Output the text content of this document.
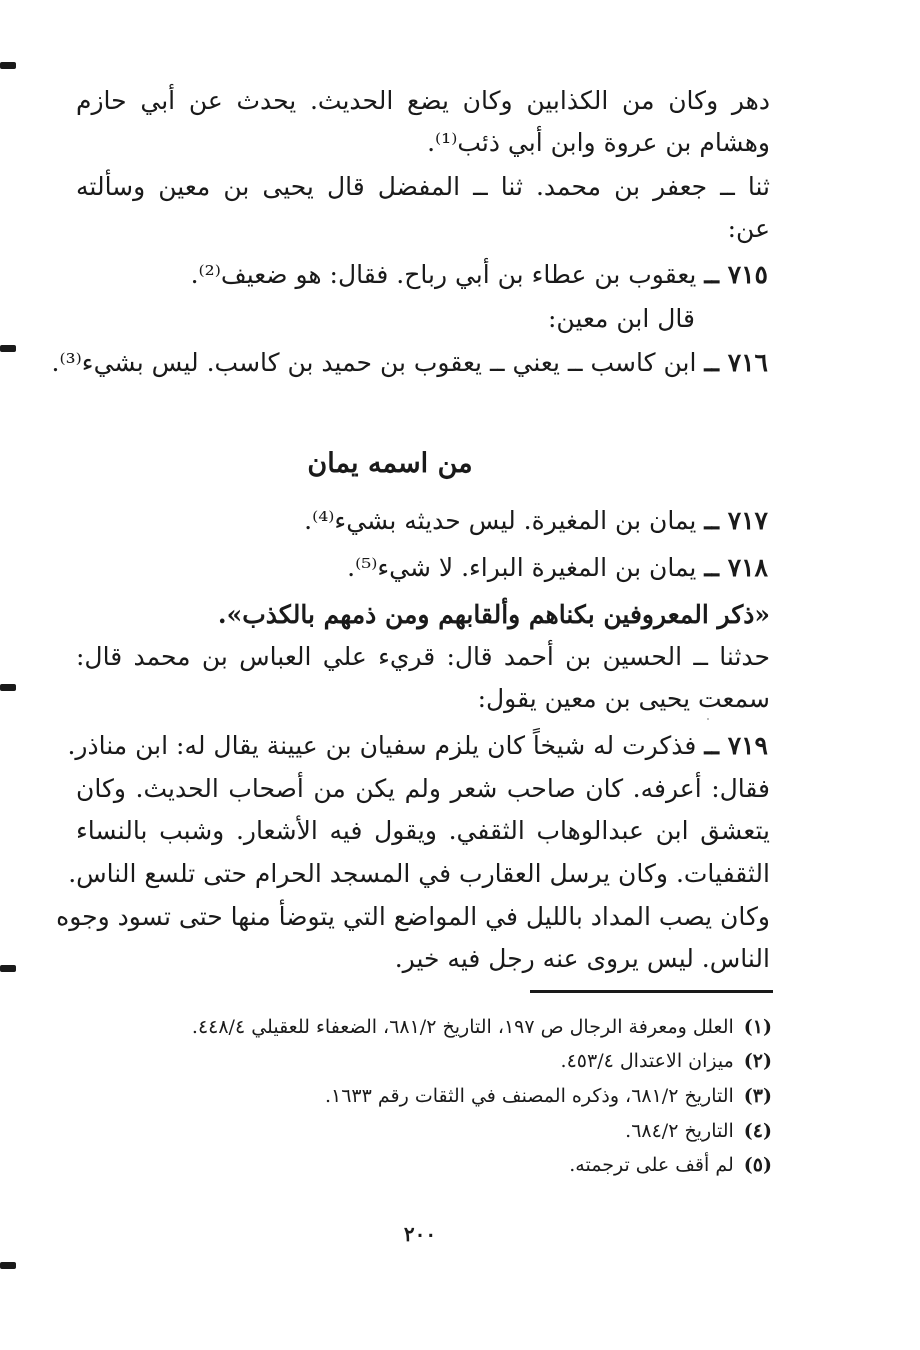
دهر وكان من الكذابين وكان يضع الحديث. يحدث عن أبي حازم
وهشام بن عروة وابن أبي ذئب⁽¹⁾.
ثنا ــ جعفر بن محمد. ثنا ــ المفضل قال يحيى بن معين وسألته
عن:
٧١٥ ــ يعقوب بن عطاء بن أبي رباح. فقال: هو ضعيف⁽²⁾.
قال ابن معين:
٧١٦ ــ ابن كاسب ــ يعني ــ يعقوب بن حميد بن كاسب. ليس بشيء⁽³⁾.
من اسمه يمان
٧١٧ ــ يمان بن المغيرة. ليس حديثه بشيء⁽⁴⁾.
٧١٨ ــ يمان بن المغيرة البراء. لا شيء⁽⁵⁾.
«ذكر المعروفين بكناهم وألقابهم ومن ذمهم بالكذب».
حدثنا ــ الحسين بن أحمد قال: قريء علي العباس بن محمد قال:
سمعت يحيى بن معين يقول:
٧١٩ ــ فذكرت له شيخاً كان يلزم سفيان بن عيينة يقال له: ابن مناذر.
فقال: أعرفه. كان صاحب شعر ولم يكن من أصحاب الحديث. وكان
يتعشق ابن عبدالوهاب الثقفي. ويقول فيه الأشعار. وشبب بالنساء
الثقفيات. وكان يرسل العقارب في المسجد الحرام حتى تلسع الناس.
وكان يصب المداد بالليل في المواضع التي يتوضأ منها حتى تسود وجوه
الناس. ليس يروى عنه رجل فيه خير.
(١)العلل ومعرفة الرجال ص ١٩٧، التاريخ ٦٨١/٢، الضعفاء للعقيلي ٤٤٨/٤.
(٢)ميزان الاعتدال ٤٥٣/٤.
(٣)التاريخ ٦٨١/٢، وذكره المصنف في الثقات رقم ١٦٣٣.
(٤)التاريخ ٦٨٤/٢.
(٥)لم أقف على ترجمته.
٢٠٠
